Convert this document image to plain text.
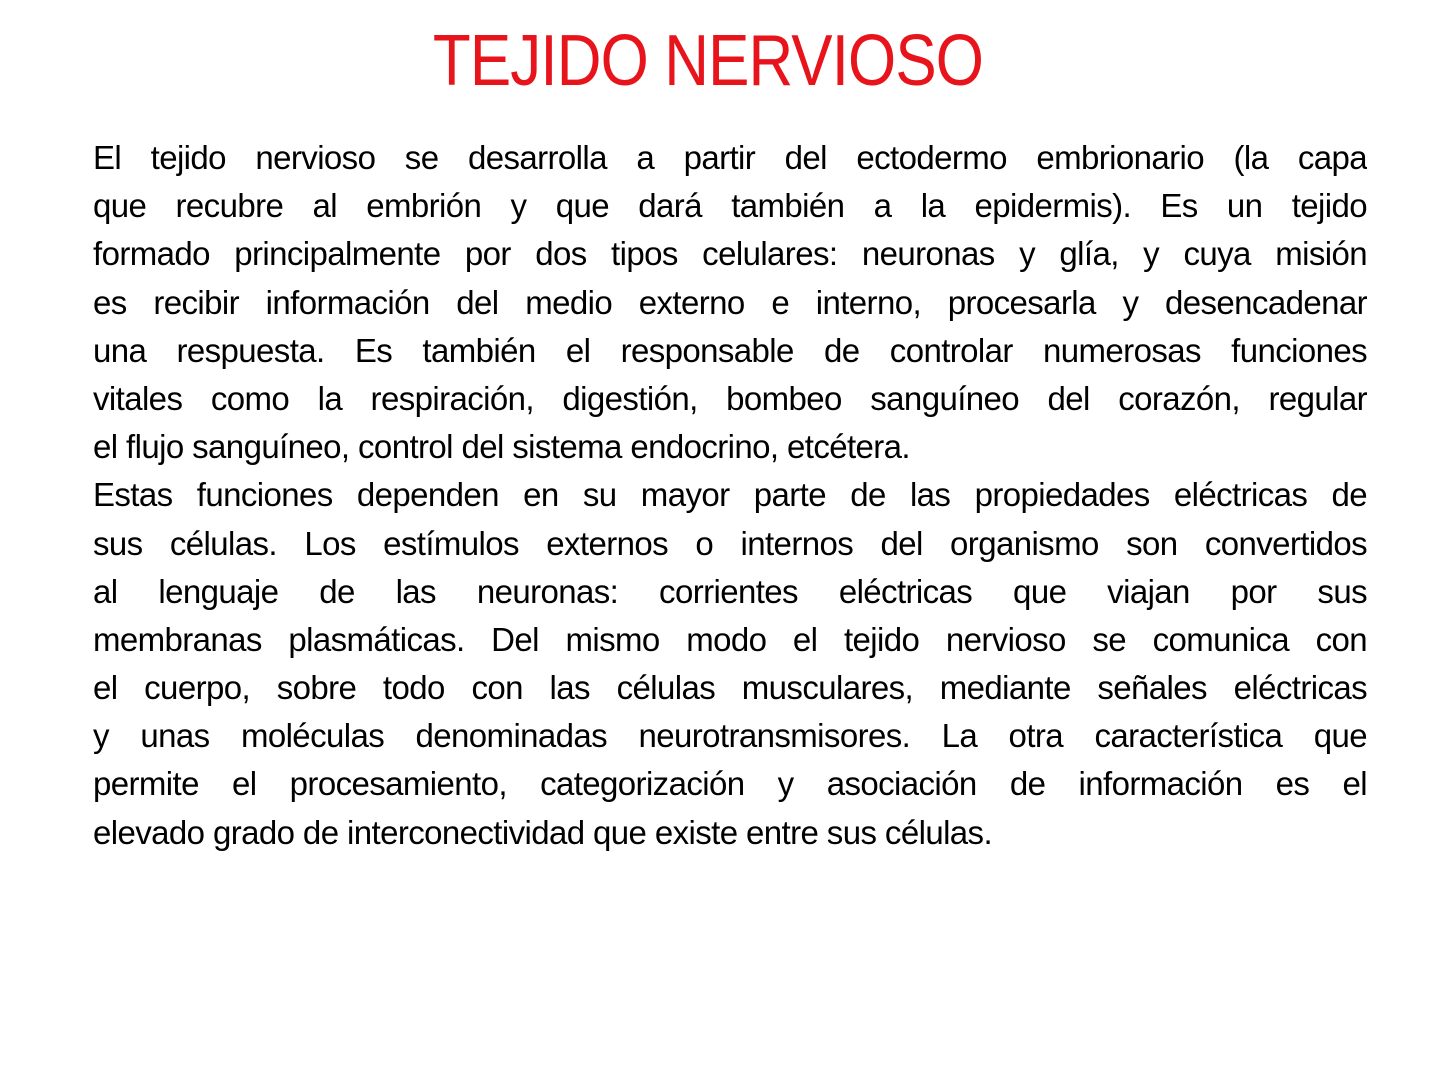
TEJIDO NERVIOSO
El tejido nervioso se desarrolla a partir del ectodermo embrionario (la capa
que recubre al embrión y que dará también a la epidermis). Es un tejido
formado principalmente por dos tipos celulares: neuronas y glía, y cuya misión
es recibir información del medio externo e interno, procesarla y desencadenar
una respuesta. Es también el responsable de controlar numerosas funciones
vitales como la respiración, digestión, bombeo sanguíneo del corazón, regular
el flujo sanguíneo, control del sistema endocrino, etcétera.
Estas funciones dependen en su mayor parte de las propiedades eléctricas de
sus células. Los estímulos externos o internos del organismo son convertidos
al lenguaje de las neuronas: corrientes eléctricas que viajan por sus
membranas plasmáticas. Del mismo modo el tejido nervioso se comunica con
el cuerpo, sobre todo con las células musculares, mediante señales eléctricas
y unas moléculas denominadas neurotransmisores. La otra característica que
permite el procesamiento, categorización y asociación de información es el
elevado grado de interconectividad que existe entre sus células.
